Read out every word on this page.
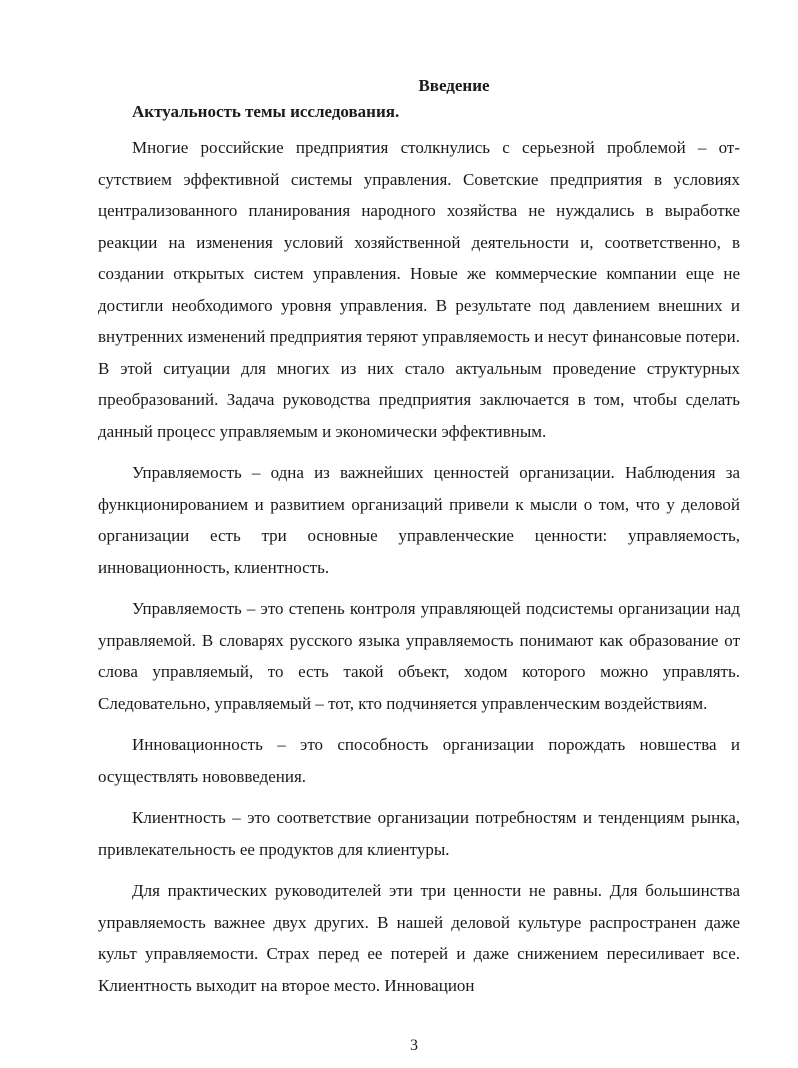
Введение
Актуальность темы исследования.

Многие российские предприятия столкнулись с серьезной проблемой – отсутствием эффективной системы управления. Советские предприятия в условиях централизованного планирования народного хозяйства не нуждались в выработке реакции на изменения условий хозяйственной деятельности и, соответственно, в создании открытых систем управления. Новые же коммерческие компании еще не достигли необходимого уровня управления. В результате под давлением внешних и внутренних изменений предприятия теряют управляемость и несут финансовые потери. В этой ситуации для многих из них стало актуальным проведение структурных преобразований. Задача руководства предприятия заключается в том, чтобы сделать данный процесс управляемым и экономически эффективным.

Управляемость – одна из важнейших ценностей организации. Наблюдения за функционированием и развитием организаций привели к мысли о том, что у деловой организации есть три основные управленческие ценности: управляемость, инновационность, клиентность.

Управляемость – это степень контроля управляющей подсистемы организации над управляемой. В словарях русского языка управляемость понимают как образование от слова управляемый, то есть такой объект, ходом которого можно управлять. Следовательно, управляемый – тот, кто подчиняется управленческим воздействиям.

Инновационность – это способность организации порождать новшества и осуществлять нововведения.

Клиентность – это соответствие организации потребностям и тенденциям рынка, привлекательность ее продуктов для клиентуры.

Для практических руководителей эти три ценности не равны. Для большинства управляемость важнее двух других. В нашей деловой культуре распространен даже культ управляемости. Страх перед ее потерей и даже снижением пересиливает все. Клиентность выходит на второе место. Инновацион

3
